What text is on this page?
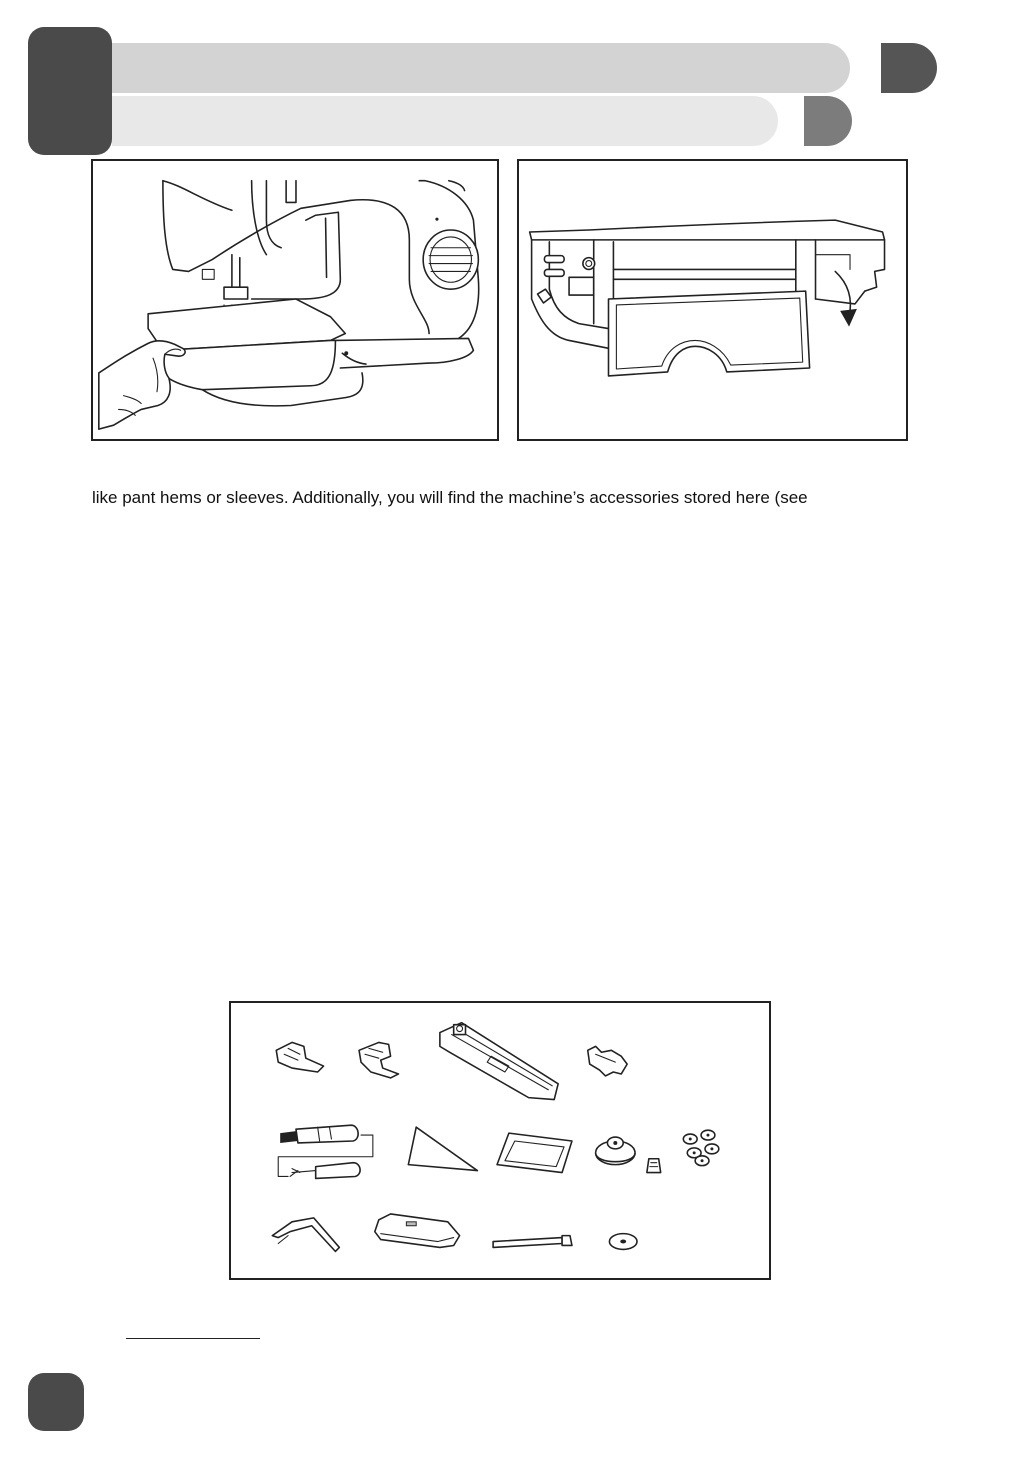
like pant hems or sleeves. Additionally, you will find the machine’s accessories stored here (see
